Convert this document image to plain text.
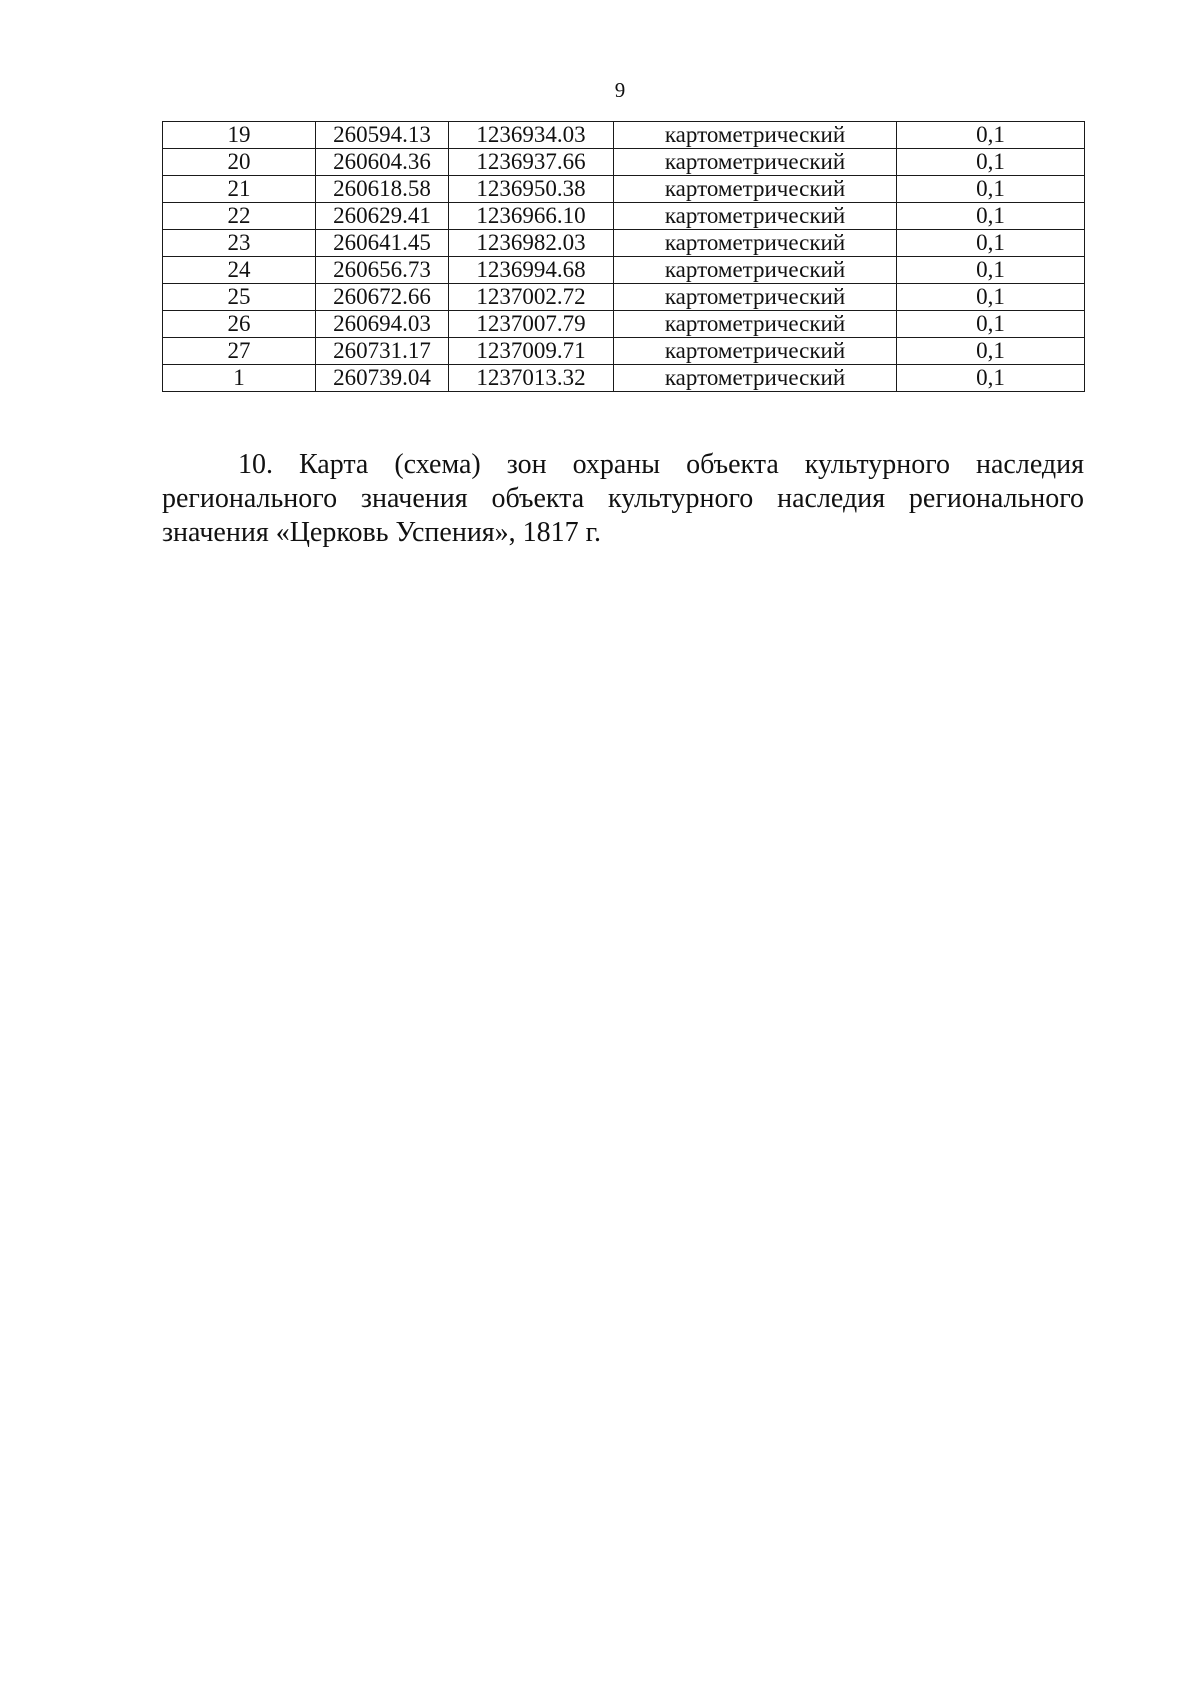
9
19	260594.13	1236934.03	картометрический	0,1
20	260604.36	1236937.66	картометрический	0,1
21	260618.58	1236950.38	картометрический	0,1
22	260629.41	1236966.10	картометрический	0,1
23	260641.45	1236982.03	картометрический	0,1
24	260656.73	1236994.68	картометрический	0,1
25	260672.66	1237002.72	картометрический	0,1
26	260694.03	1237007.79	картометрический	0,1
27	260731.17	1237009.71	картометрический	0,1
1	260739.04	1237013.32	картометрический	0,1

10. Карта (схема) зон охраны объекта культурного наследия регионального значения объекта культурного наследия регионального значения «Церковь Успения», 1817 г.
